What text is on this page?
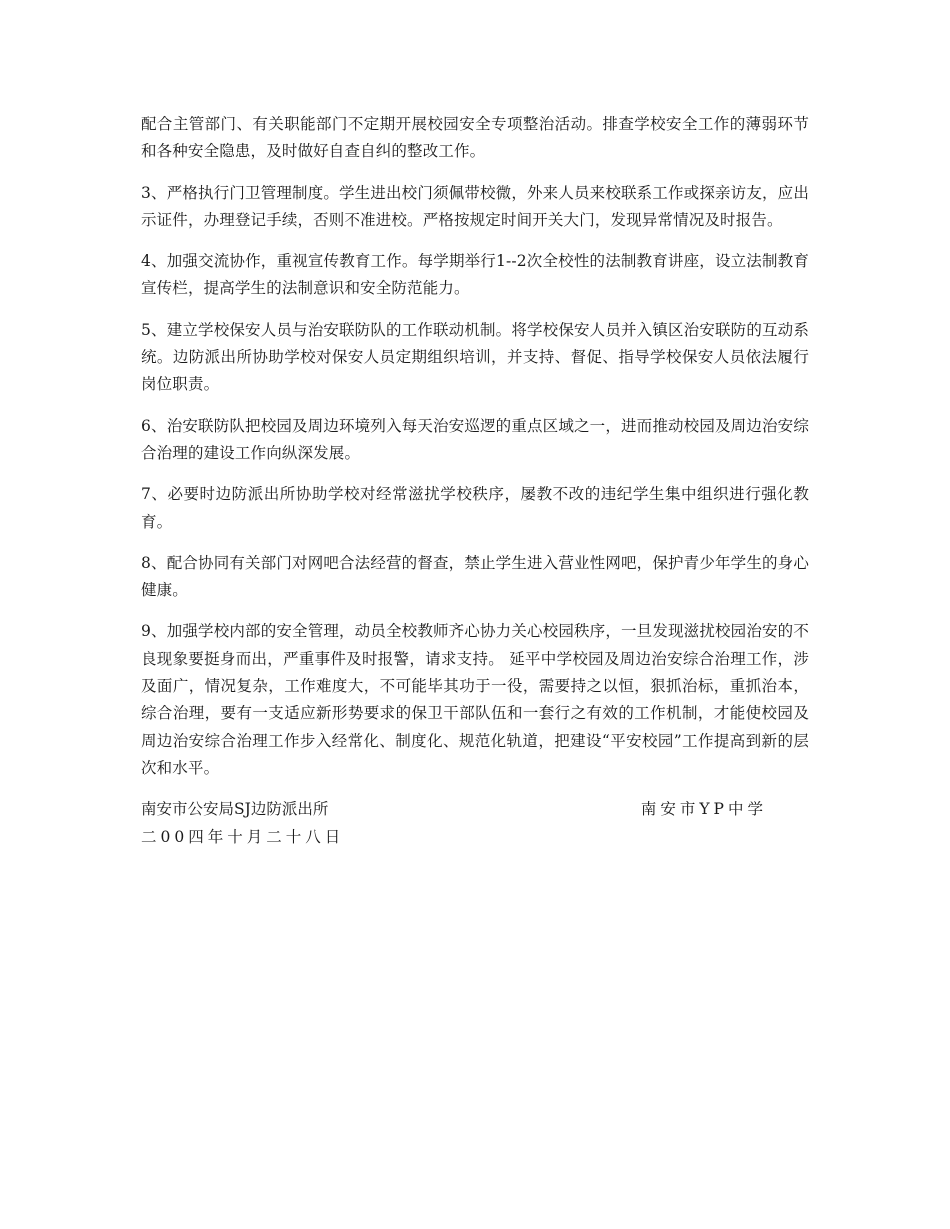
配合主管部门、有关职能部门不定期开展校园安全专项整治活动。排查学校安全工作的薄弱环节和各种安全隐患，及时做好自查自纠的整改工作。

3、严格执行门卫管理制度。学生进出校门须佩带校微，外来人员来校联系工作或探亲访友，应出示证件，办理登记手续，否则不准进校。严格按规定时间开关大门，发现异常情况及时报告。

4、加强交流协作，重视宣传教育工作。每学期举行1--2次全校性的法制教育讲座，设立法制教育宣传栏，提高学生的法制意识和安全防范能力。

5、建立学校保安人员与治安联防队的工作联动机制。将学校保安人员并入镇区治安联防的互动系统。边防派出所协助学校对保安人员定期组织培训，并支持、督促、指导学校保安人员依法履行岗位职责。

6、治安联防队把校园及周边环境列入每天治安巡逻的重点区域之一，进而推动校园及周边治安综合治理的建设工作向纵深发展。

7、必要时边防派出所协助学校对经常滋扰学校秩序，屡教不改的违纪学生集中组织进行强化教育。

8、配合协同有关部门对网吧合法经营的督查，禁止学生进入营业性网吧，保护青少年学生的身心健康。

9、加强学校内部的安全管理，动员全校教师齐心协力关心校园秩序，一旦发现滋扰校园治安的不良现象要挺身而出，严重事件及时报警，请求支持。 延平中学校园及周边治安综合治理工作，涉及面广，情况复杂，工作难度大，不可能毕其功于一役，需要持之以恒，狠抓治标，重抓治本，综合治理，要有一支适应新形势要求的保卫干部队伍和一套行之有效的工作机制，才能使校园及周边治安综合治理工作步入经常化、制度化、规范化轨道，把建设“平安校园”工作提高到新的层次和水平。

南安市公安局SJ边防派出所	南安市YP中学
二00四年十月二十八日
